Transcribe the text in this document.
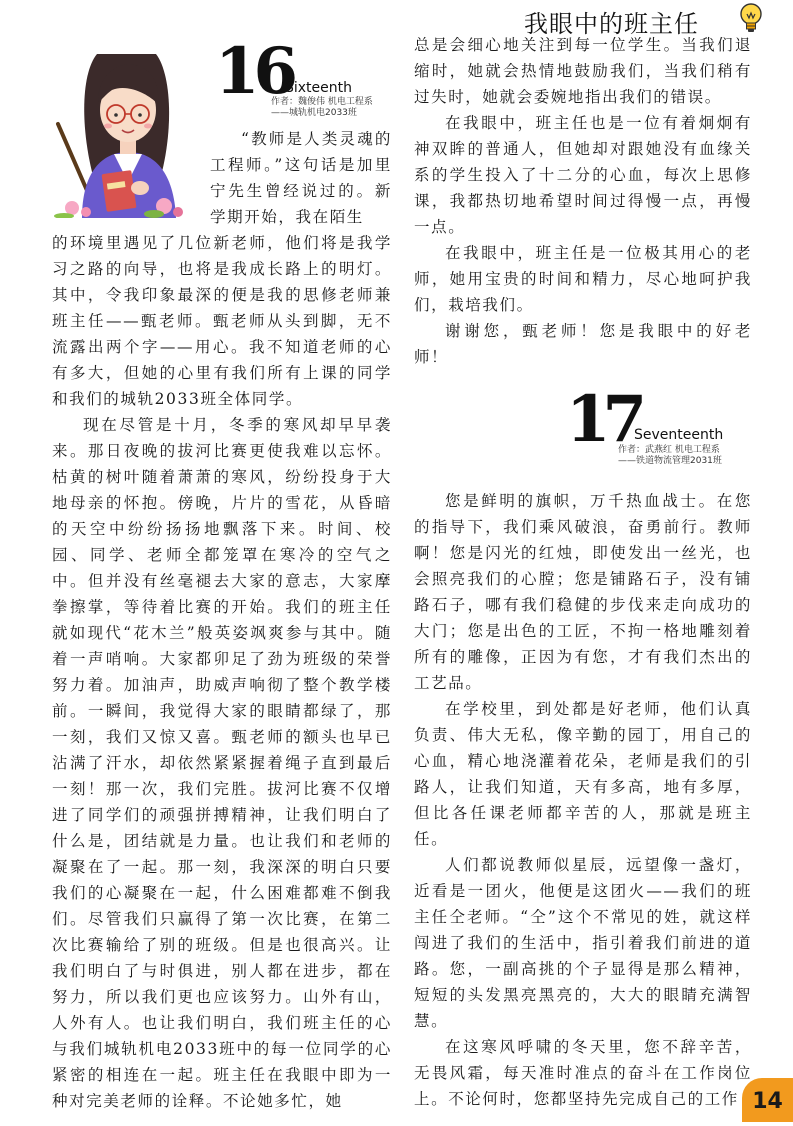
我眼中的班主任
16
Sixteenth
作者：魏俊伟 机电工程系
——城轨机电2033班

“教师是人类灵魂的工程师。”这句话是加里宁先生曾经说过的。新学期开始，我在陌生

的环境里遇见了几位新老师，他们将是我学习之路的向导，也将是我成长路上的明灯。其中，令我印象最深的便是我的思修老师兼班主任——甄老师。甄老师从头到脚，无不流露出两个字——用心。我不知道老师的心有多大，但她的心里有我们所有上课的同学和我们的城轨2033班全体同学。

现在尽管是十月，冬季的寒风却早早袭来。那日夜晚的拔河比赛更使我难以忘怀。枯黄的树叶随着萧萧的寒风，纷纷投身于大地母亲的怀抱。傍晚，片片的雪花，从昏暗的天空中纷纷扬扬地飘落下来。时间、校园、同学、老师全都笼罩在寒冷的空气之中。但并没有丝毫褪去大家的意志，大家摩拳擦掌，等待着比赛的开始。我们的班主任就如现代“花木兰”般英姿飒爽参与其中。随着一声哨响。大家都卯足了劲为班级的荣誉努力着。加油声，助威声响彻了整个教学楼前。一瞬间，我觉得大家的眼睛都绿了，那一刻，我们又惊又喜。甄老师的额头也早已沾满了汗水，却依然紧紧握着绳子直到最后一刻！那一次，我们完胜。拔河比赛不仅增进了同学们的顽强拼搏精神，让我们明白了什么是，团结就是力量。也让我们和老师的凝聚在了一起。那一刻，我深深的明白只要我们的心凝聚在一起，什么困难都难不倒我们。尽管我们只赢得了第一次比赛，在第二次比赛输给了别的班级。但是也很高兴。让我们明白了与时俱进，别人都在进步，都在努力，所以我们更也应该努力。山外有山，人外有人。也让我们明白，我们班主任的心与我们城轨机电2033班中的每一位同学的心紧密的相连在一起。班主任在我眼中即为一种对完美老师的诠释。不论她多忙，她

总是会细心地关注到每一位学生。当我们退缩时，她就会热情地鼓励我们，当我们稍有过失时，她就会委婉地指出我们的错误。

在我眼中，班主任也是一位有着炯炯有神双眸的普通人，但她却对跟她没有血缘关系的学生投入了十二分的心血，每次上思修课，我都热切地希望时间过得慢一点，再慢一点。

在我眼中，班主任是一位极其用心的老师，她用宝贵的时间和精力，尽心地呵护我们，栽培我们。

谢谢您，甄老师！您是我眼中的好老师！

17
Seventeenth
作者：武燕红 机电工程系
——铁道物流管理2031班

您是鲜明的旗帜，万千热血战士。在您的指导下，我们乘风破浪，奋勇前行。教师啊！您是闪光的红烛，即使发出一丝光，也会照亮我们的心膛；您是铺路石子，没有铺路石子，哪有我们稳健的步伐来走向成功的大门；您是出色的工匠，不拘一格地雕刻着所有的雕像，正因为有您，才有我们杰出的工艺品。

在学校里，到处都是好老师，他们认真负责、伟大无私，像辛勤的园丁，用自己的心血，精心地浇灌着花朵，老师是我们的引路人，让我们知道，天有多高，地有多厚，但比各任课老师都辛苦的人，那就是班主任。

人们都说教师似星辰，远望像一盏灯，近看是一团火，他便是这团火——我们的班主任仝老师。“仝”这个不常见的姓，就这样闯进了我们的生活中，指引着我们前进的道路。您，一副高挑的个子显得是那么精神，短短的头发黑亮黑亮的，大大的眼睛充满智慧。

在这寒风呼啸的冬天里，您不辞辛苦，无畏风霜，每天准时准点的奋斗在工作岗位上。不论何时，您都坚持先完成自己的工作 14
